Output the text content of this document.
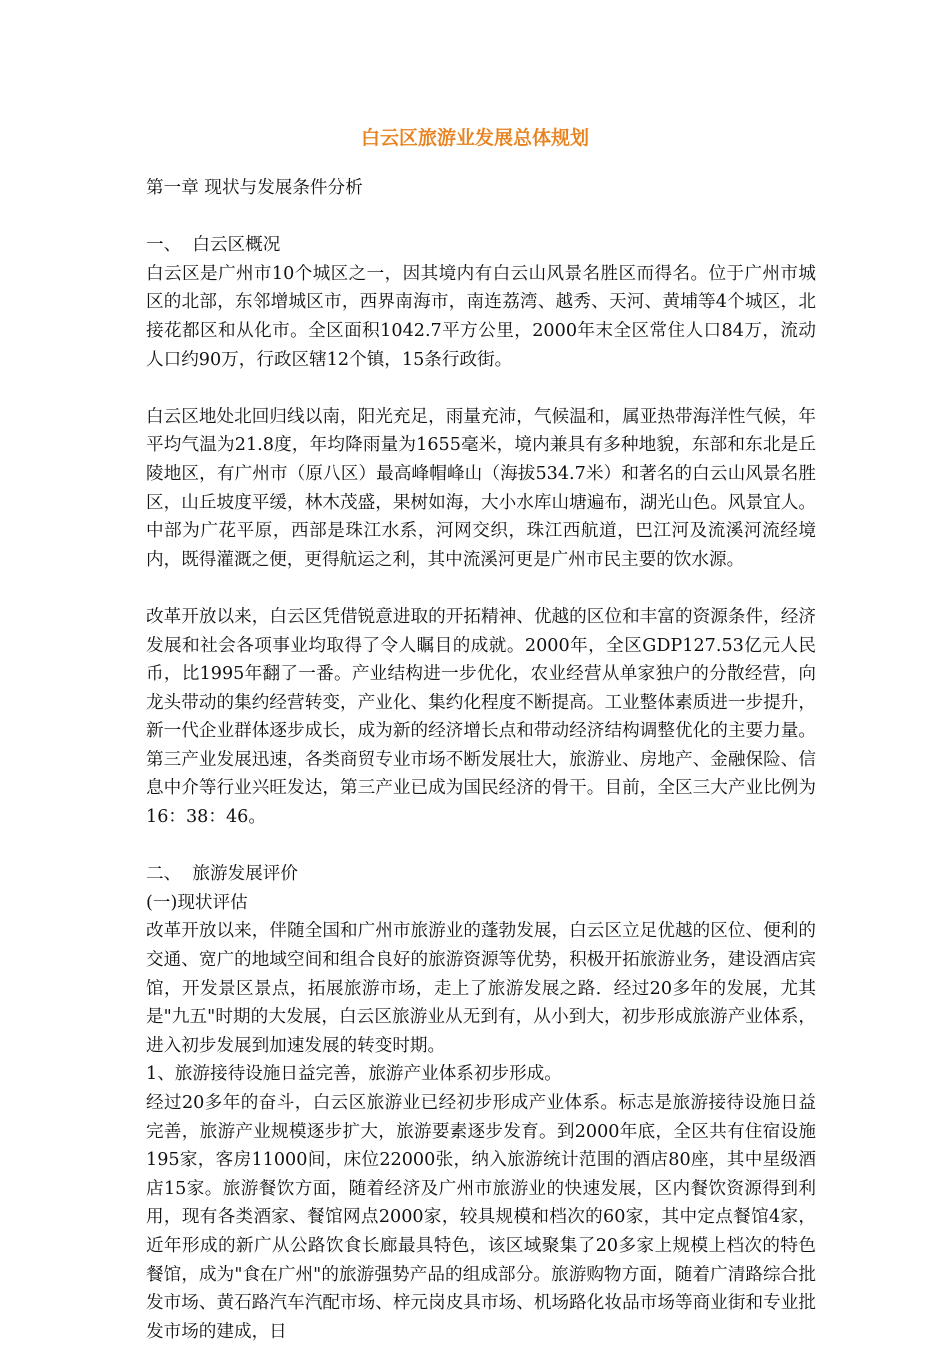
白云区旅游业发展总体规划

第一章 现状与发展条件分析

一、  白云区概况

白云区是广州市10个城区之一，因其境内有白云山风景名胜区而得名。位于广州市城区的北部，东邻增城区市，西界南海市，南连荔湾、越秀、天河、黄埔等4个城区，北接花都区和从化市。全区面积1042.7平方公里，2000年末全区常住人口84万，流动人口约90万，行政区辖12个镇，15条行政街。

白云区地处北回归线以南，阳光充足，雨量充沛，气候温和，属亚热带海洋性气候，年平均气温为21.8度，年均降雨量为1655毫米，境内兼具有多种地貌，东部和东北是丘陵地区，有广州市（原八区）最高峰帽峰山（海拔534.7米）和著名的白云山风景名胜区，山丘坡度平缓，林木茂盛，果树如海，大小水库山塘遍布，湖光山色。风景宜人。中部为广花平原，西部是珠江水系，河网交织，珠江西航道，巴江河及流溪河流经境内，既得灌溉之便，更得航运之利，其中流溪河更是广州市民主要的饮水源。

改革开放以来，白云区凭借锐意进取的开拓精神、优越的区位和丰富的资源条件，经济发展和社会各项事业均取得了令人瞩目的成就。2000年，全区GDP127.53亿元人民币，比1995年翻了一番。产业结构进一步优化，农业经营从单家独户的分散经营，向龙头带动的集约经营转变，产业化、集约化程度不断提高。工业整体素质进一步提升，新一代企业群体逐步成长，成为新的经济增长点和带动经济结构调整优化的主要力量。第三产业发展迅速，各类商贸专业市场不断发展壮大，旅游业、房地产、金融保险、信息中介等行业兴旺发达，第三产业已成为国民经济的骨干。目前，全区三大产业比例为16：38：46。

二、  旅游发展评价

(一)现状评估

改革开放以来，伴随全国和广州市旅游业的蓬勃发展，白云区立足优越的区位、便利的交通、宽广的地域空间和组合良好的旅游资源等优势，积极开拓旅游业务，建设酒店宾馆，开发景区景点，拓展旅游市场，走上了旅游发展之路．经过20多年的发展，尤其是"九五"时期的大发展，白云区旅游业从无到有，从小到大，初步形成旅游产业体系，进入初步发展到加速发展的转变时期。

1、旅游接待设施日益完善，旅游产业体系初步形成。

经过20多年的奋斗，白云区旅游业已经初步形成产业体系。标志是旅游接待设施日益完善，旅游产业规模逐步扩大，旅游要素逐步发育。到2000年底，全区共有住宿设施195家，客房11000间，床位22000张，纳入旅游统计范围的酒店80座，其中星级酒店15家。旅游餐饮方面，随着经济及广州市旅游业的快速发展，区内餐饮资源得到利用，现有各类酒家、餐馆网点2000家，较具规模和档次的60家，其中定点餐馆4家，近年形成的新广从公路饮食长廊最具特色，该区域聚集了20多家上规模上档次的特色餐馆，成为"食在广州"的旅游强势产品的组成部分。旅游购物方面，随着广清路综合批发市场、黄石路汽车汽配市场、梓元岗皮具市场、机场路化妆品市场等商业街和专业批发市场的建成，日
